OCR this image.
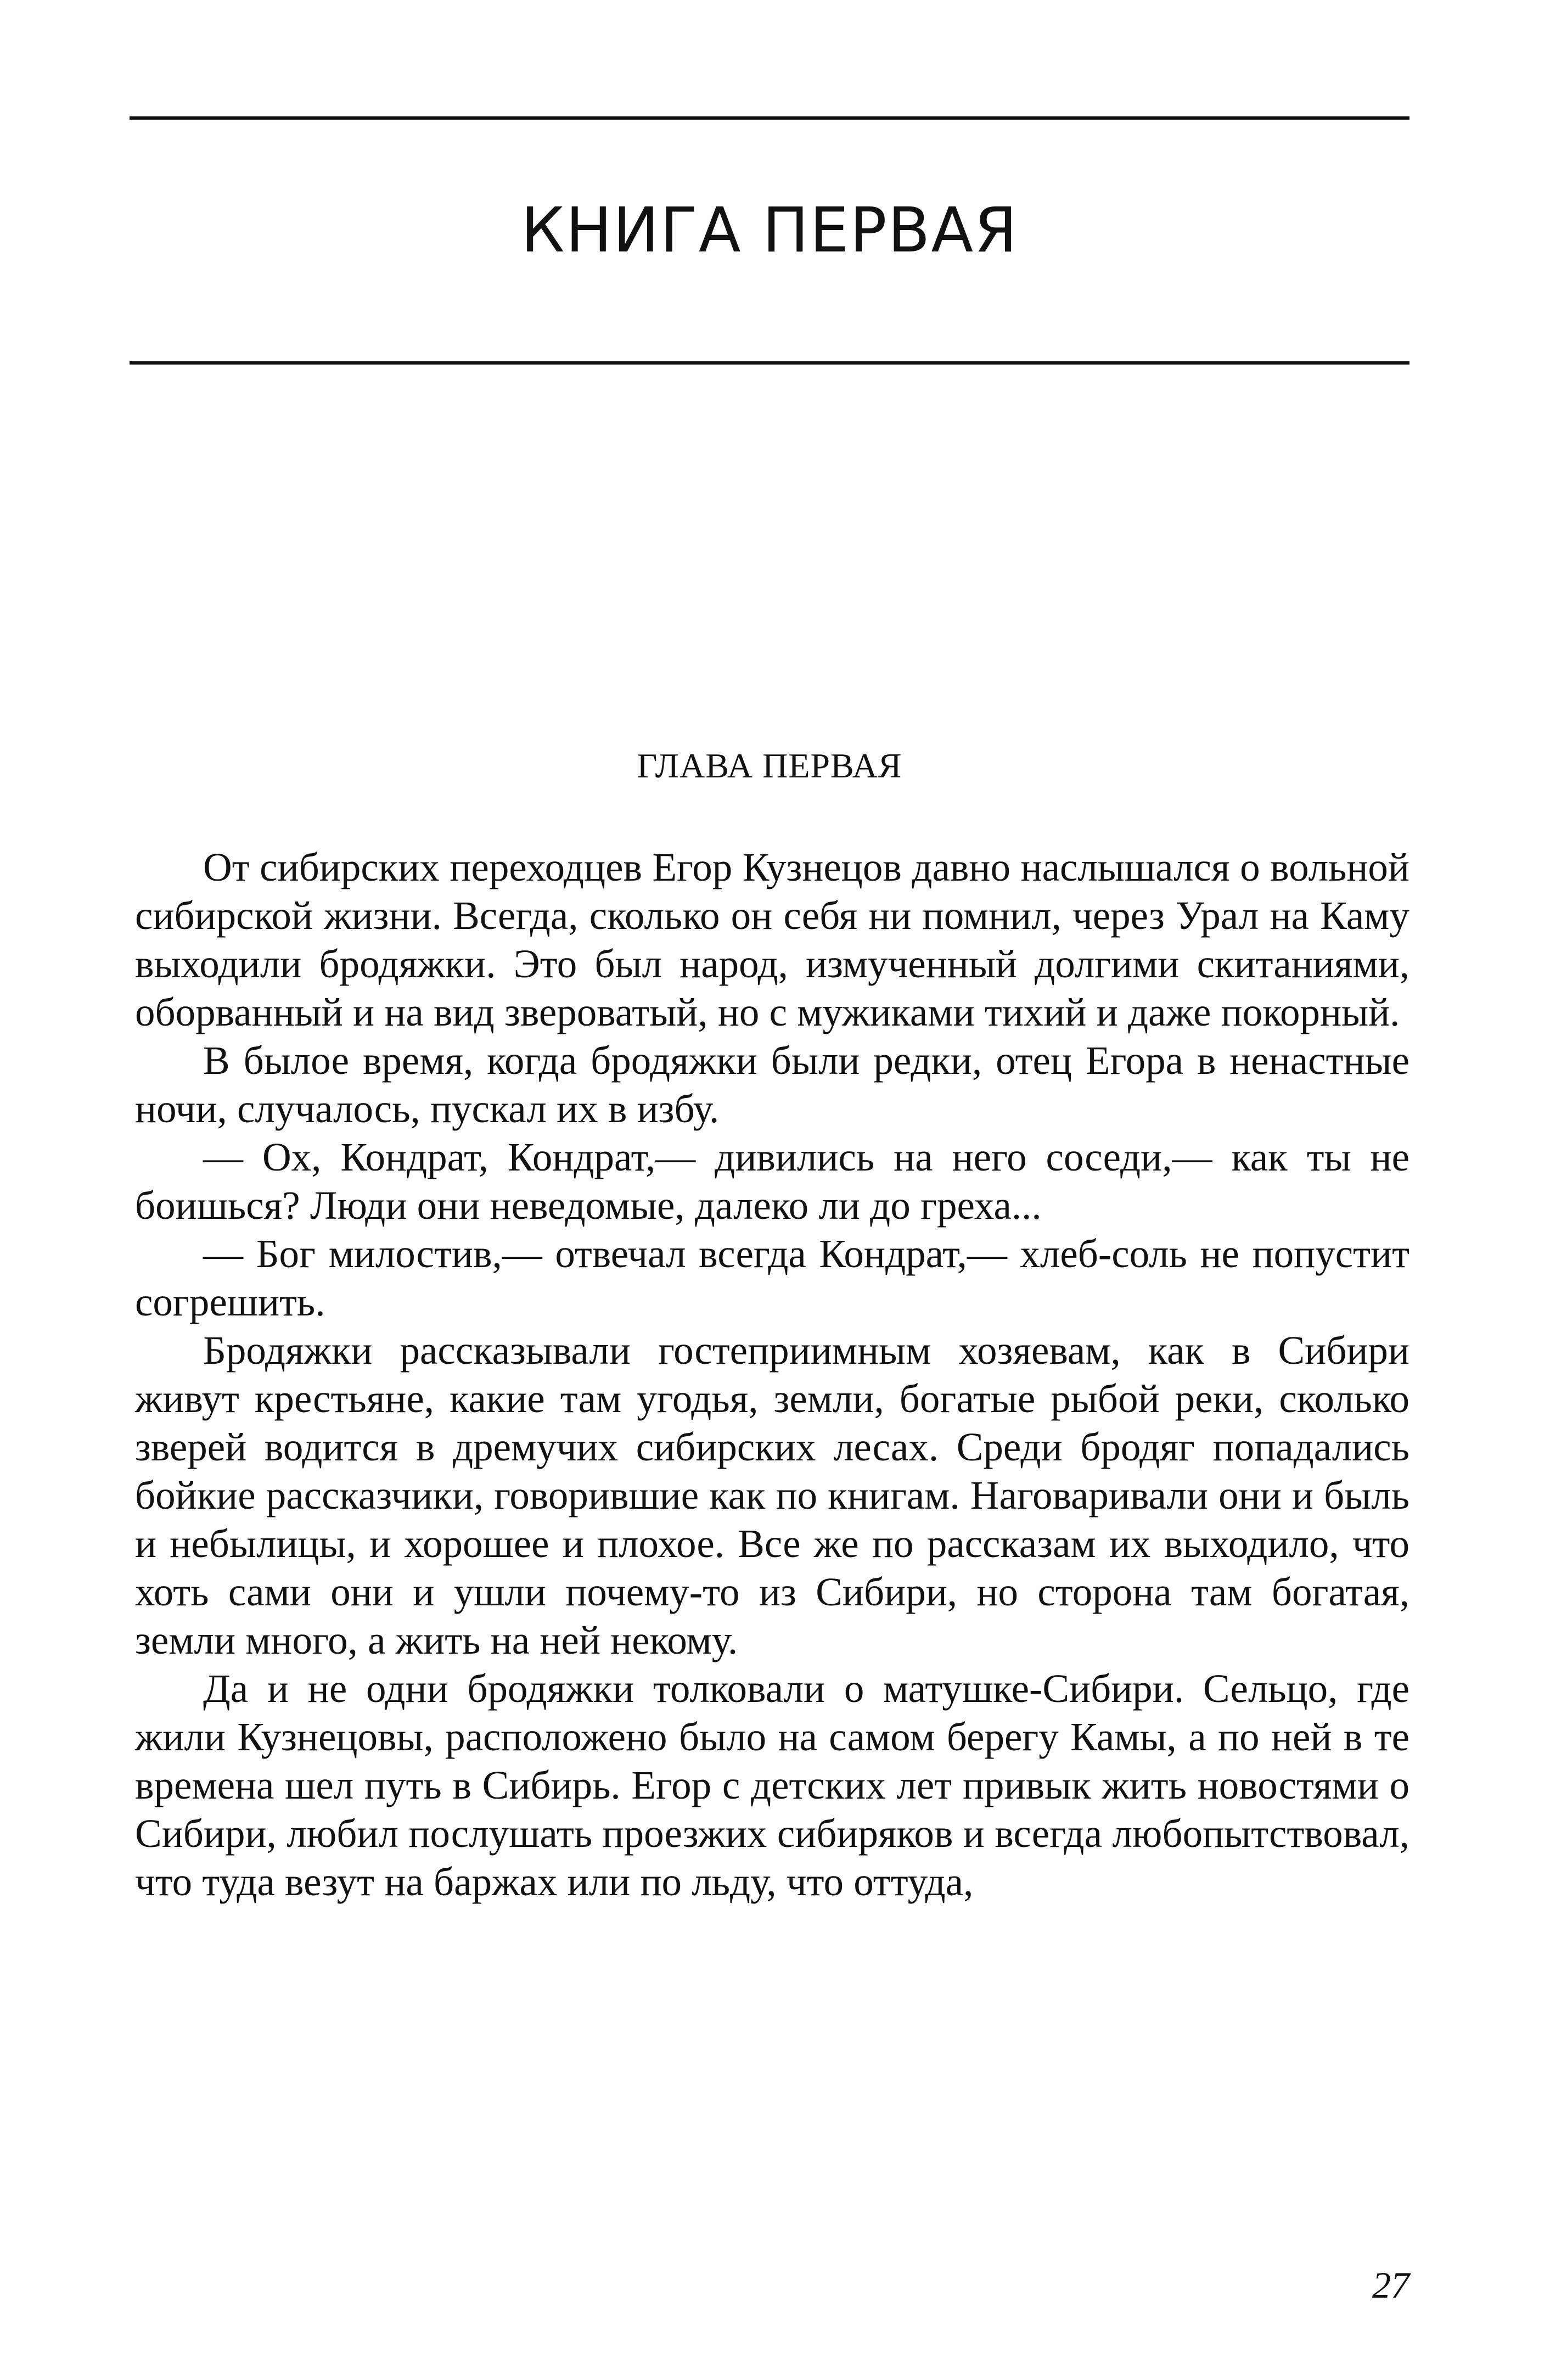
КНИГА ПЕРВАЯ
ГЛАВА ПЕРВАЯ

От сибирских переходцев Егор Кузнецов давно наслышался о вольной сибирской жизни. Всегда, сколько он себя ни помнил, через Урал на Каму выходили бродяжки. Это был народ, измученный долгими скитаниями, оборванный и на вид звероватый, но с мужиками тихий и даже покорный.

В былое время, когда бродяжки были редки, отец Егора в ненастные ночи, случалось, пускал их в избу.

— Ох, Кондрат, Кондрат,— дивились на него соседи,— как ты не боишься? Люди они неведомые, далеко ли до греха...

— Бог милостив,— отвечал всегда Кондрат,— хлеб-соль не попустит согрешить.

Бродяжки рассказывали гостеприимным хозяевам, как в Сибири живут крестьяне, какие там угодья, земли, богатые рыбой реки, сколько зверей водится в дремучих сибирских лесах. Среди бродяг попадались бойкие рассказчики, говорившие как по книгам. Наговаривали они и быль и небылицы, и хорошее и плохое. Все же по рассказам их выходило, что хоть сами они и ушли почему-то из Сибири, но сторона там богатая, земли много, а жить на ней некому.

Да и не одни бродяжки толковали о матушке-Сибири. Сельцо, где жили Кузнецовы, расположено было на самом берегу Камы, а по ней в те времена шел путь в Сибирь. Егор с детских лет привык жить новостями о Сибири, любил послушать проезжих сибиряков и всегда любопытствовал, что туда везут на баржах или по льду, что оттуда,

27
